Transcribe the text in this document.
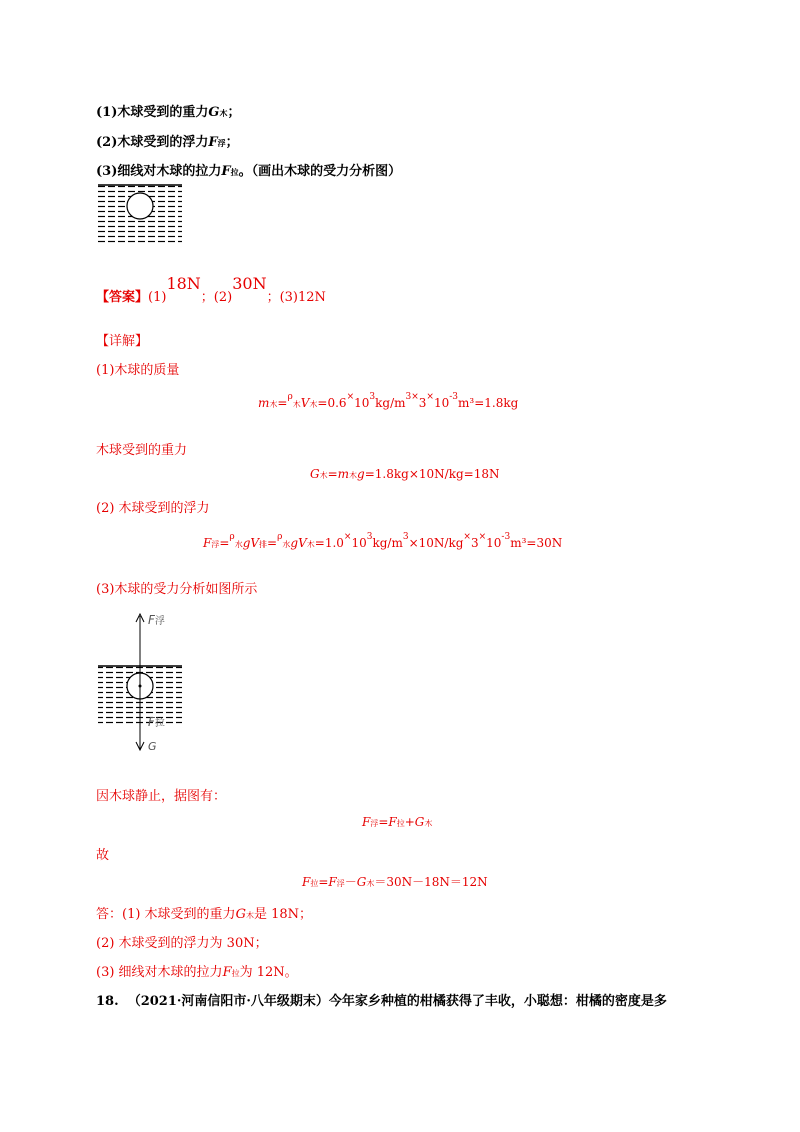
(1)木球受到的重力G木；
(2)木球受到的浮力F浮；
(3)细线对木球的拉力F拉。（画出木球的受力分析图）
【答案】(1)18N；(2)30N；(3)12N
【详解】
(1)木球的质量
m木=$^\rho$木V木$=0.6^\times 10^3kg/m^{3\times}3^\times 10^{-3}m^3=1.8kg$
木球受到的重力
G木=m木g=1.8kg×10N/kg=18N
(2) 木球受到的浮力
F浮=$^\rho$水gV排=$^\rho$水gV木$=1.0^\times 10^3kg/m^3\times 10N/kg^\times 3^\times 10^{-3}m^3=30N$
(3)木球的受力分析如图所示
F浮
F拉
G
因木球静止，据图有：
F浮=F拉+G木
故
F拉=F浮－G木＝30N－18N＝12N
答：(1) 木球受到的重力G木是 18N；
(2) 木球受到的浮力为 30N；
(3) 细线对木球的拉力F拉为 12N。
18. （2021·河南信阳市·八年级期末）今年家乡种植的柑橘获得了丰收，小聪想：柑橘的密度是多
